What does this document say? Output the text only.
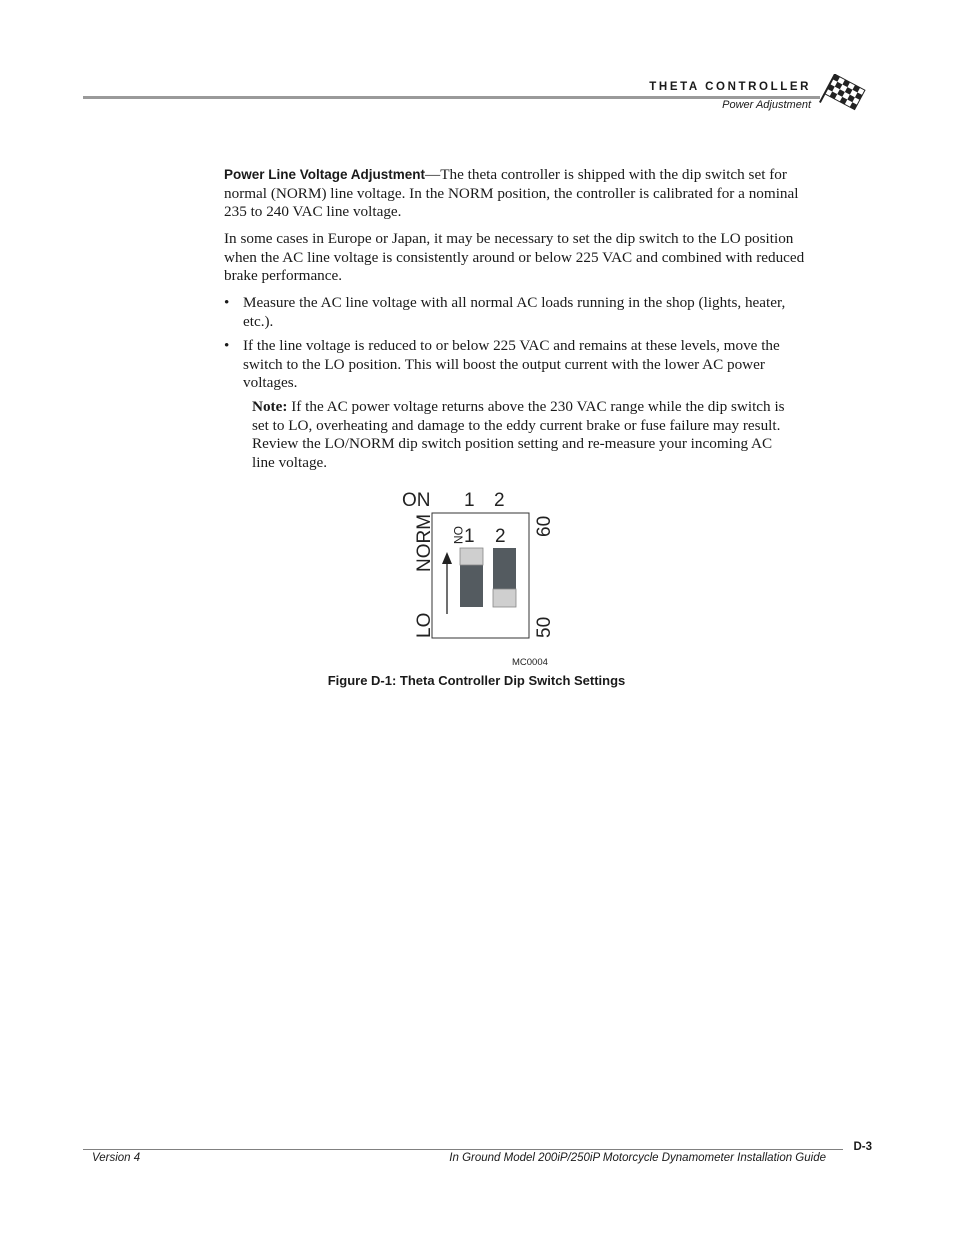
THETA CONTROLLER
Power Adjustment
Power Line Voltage Adjustment—The theta controller is shipped with the dip switch set for normal (NORM) line voltage. In the NORM position, the controller is calibrated for a nominal 235 to 240 VAC line voltage.
In some cases in Europe or Japan, it may be necessary to set the dip switch to the LO position when the AC line voltage is consistently around or below 225 VAC and combined with reduced brake performance.
• Measure the AC line voltage with all normal AC loads running in the shop (lights, heater, etc.).
• If the line voltage is reduced to or below 225 VAC and remains at these levels, move the switch to the LO position. This will boost the output current with the lower AC power voltages.
Note: If the AC power voltage returns above the 230 VAC range while the dip switch is set to LO, overheating and damage to the eddy current brake or fuse failure may result. Review the LO/NORM dip switch position setting and re-measure your incoming AC line voltage.
ON 1 2
NORM
LO
ON 1 2 60
50
MC0004
Figure D-1: Theta Controller Dip Switch Settings
D-3
Version 4	In Ground Model 200iP/250iP Motorcycle Dynamometer Installation Guide
